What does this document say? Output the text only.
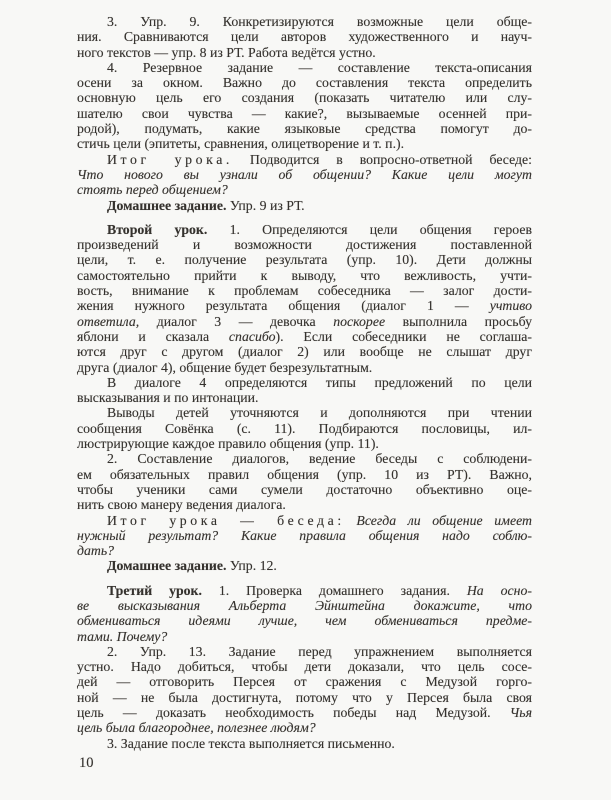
3. Упр. 9. Конкретизируются возможные цели обще-
ния. Сравниваются цели авторов художественного и науч-
ного текстов — упр. 8 из РТ. Работа ведётся устно.
4. Резервное задание — составление текста-описания
осени за окном. Важно до составления текста определить
основную цель его создания (показать читателю или слу-
шателю свои чувства — какие?, вызываемые осенней при-
родой), подумать, какие языковые средства помогут до-
стичь цели (эпитеты, сравнения, олицетворение и т. п.).
Итог урока. Подводится в вопросно-ответной беседе:
Что нового вы узнали об общении? Какие цели могут
стоять перед общением?
Домашнее задание. Упр. 9 из РТ.
Второй урок. 1. Определяются цели общения героев
произведений и возможности достижения поставленной
цели, т. е. получение результата (упр. 10). Дети должны
самостоятельно прийти к выводу, что вежливость, учти-
вость, внимание к проблемам собеседника — залог дости-
жения нужного результата общения (диалог 1 — учтиво
ответила, диалог 3 — девочка поскорее выполнила просьбу
яблони и сказала спасибо). Если собеседники не соглаша-
ются друг с другом (диалог 2) или вообще не слышат друг
друга (диалог 4), общение будет безрезультатным.
В диалоге 4 определяются типы предложений по цели
высказывания и по интонации.
Выводы детей уточняются и дополняются при чтении
сообщения Совёнка (с. 11). Подбираются пословицы, ил-
люстрирующие каждое правило общения (упр. 11).
2. Составление диалогов, ведение беседы с соблюдени-
ем обязательных правил общения (упр. 10 из РТ). Важно,
чтобы ученики сами сумели достаточно объективно оце-
нить свою манеру ведения диалога.
Итог урока — беседа: Всегда ли общение имеет
нужный результат? Какие правила общения надо соблю-
дать?
Домашнее задание. Упр. 12.
Третий урок. 1. Проверка домашнего задания. На осно-
ве высказывания Альберта Эйнштейна докажите, что
обмениваться идеями лучше, чем обмениваться предме-
тами. Почему?
2. Упр. 13. Задание перед упражнением выполняется
устно. Надо добиться, чтобы дети доказали, что цель сосе-
дей — отговорить Персея от сражения с Медузой горго-
ной — не была достигнута, потому что у Персея была своя
цель — доказать необходимость победы над Медузой. Чья
цель была благороднее, полезнее людям?
3. Задание после текста выполняется письменно.
10
